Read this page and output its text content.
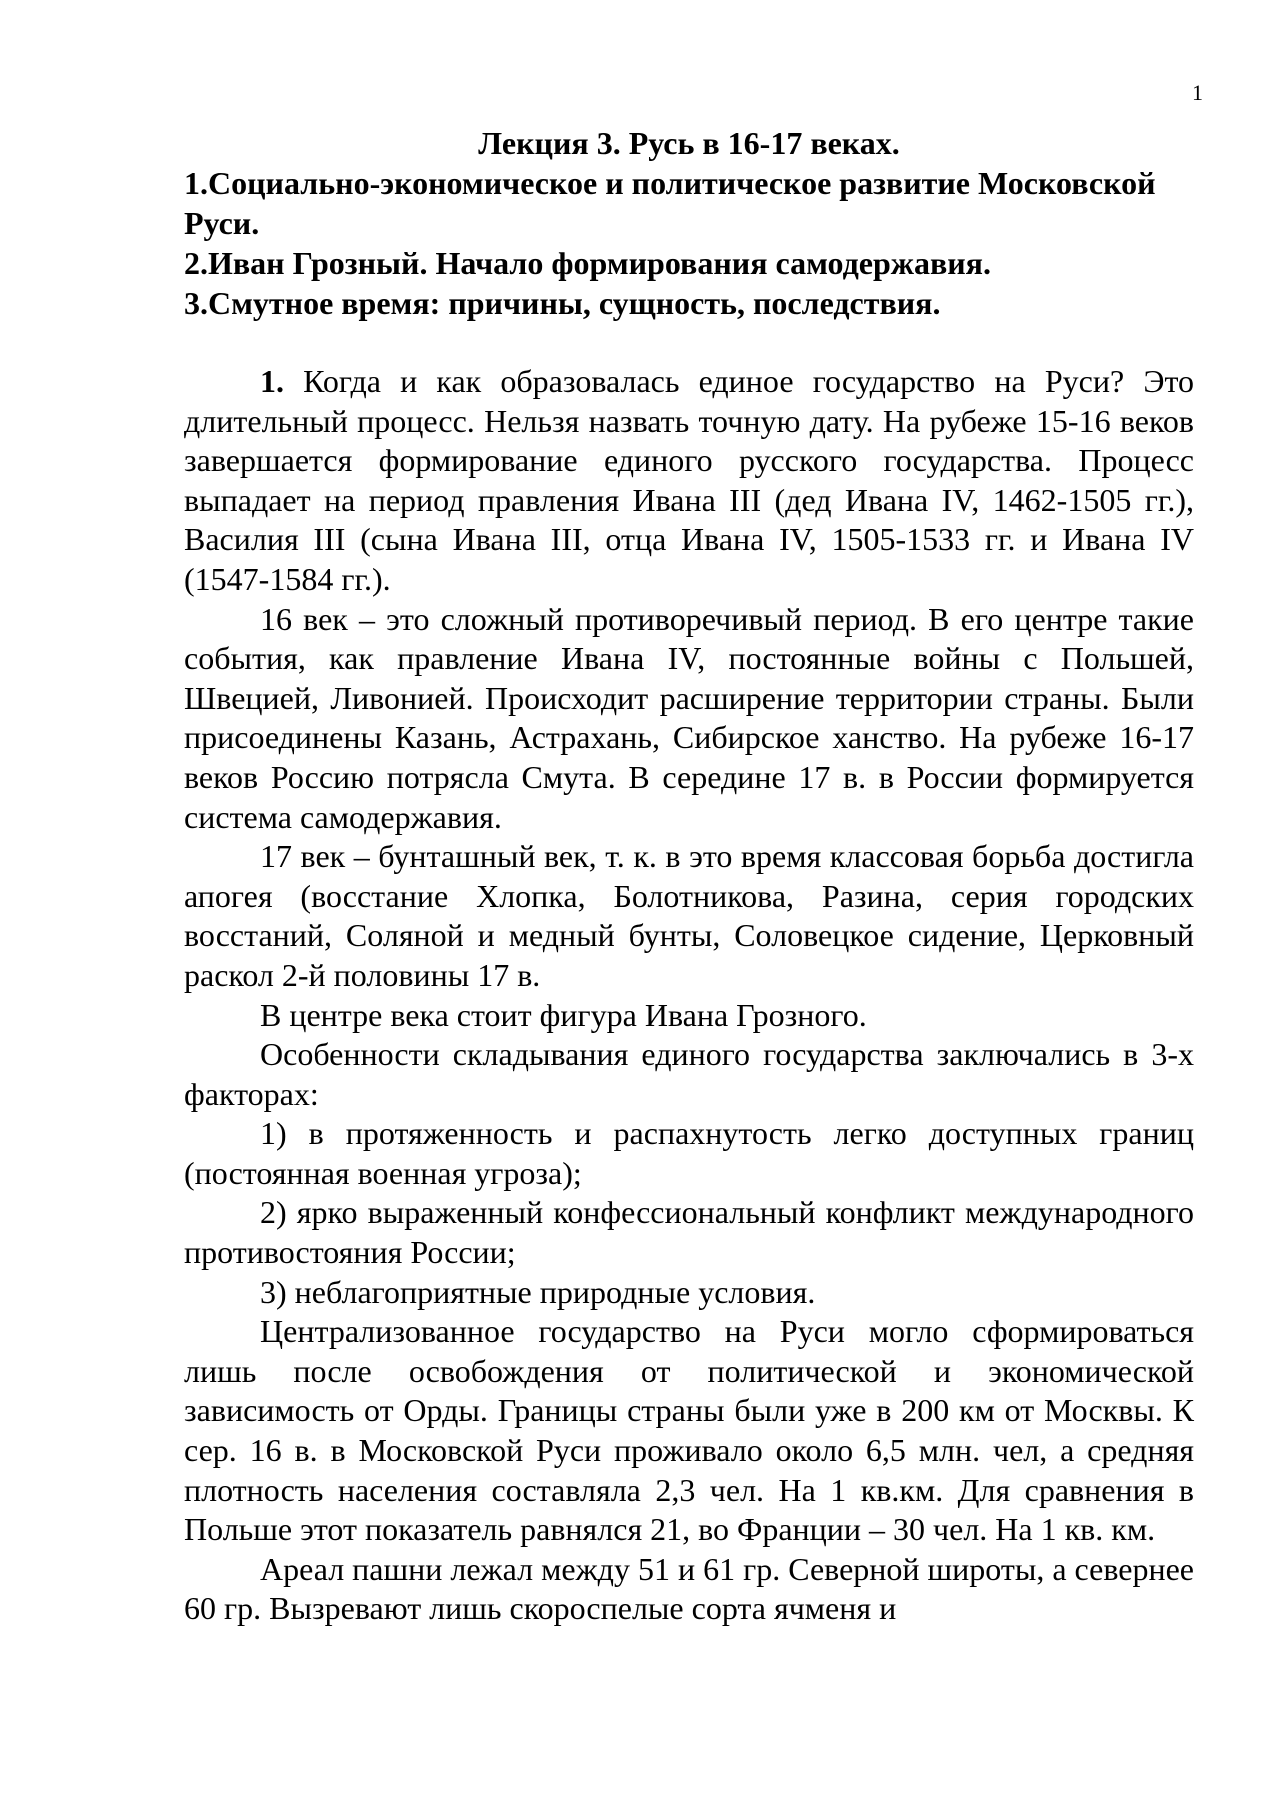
1
Лекция 3. Русь в 16-17 веках.
1.Социально-экономическое и политическое развитие Московской Руси.
2.Иван Грозный. Начало формирования самодержавия.
3.Смутное время: причины, сущность, последствия.

1. Когда и как образовалась единое государство на Руси? Это длительный процесс. Нельзя назвать точную дату. На рубеже 15-16 веков завершается формирование единого русского государства. Процесс выпадает на период правления Ивана III (дед Ивана IV, 1462-1505 гг.), Василия III (сына Ивана III, отца Ивана IV, 1505-1533 гг. и Ивана IV (1547-1584 гг.).

16 век – это сложный противоречивый период. В его центре такие события, как правление Ивана IV, постоянные войны с Польшей, Швецией, Ливонией. Происходит расширение территории страны. Были присоединены Казань, Астрахань, Сибирское ханство. На рубеже 16-17 веков Россию потрясла Смута. В середине 17 в. в России формируется система самодержавия.

17 век – бунташный век, т. к. в это время классовая борьба достигла апогея (восстание Хлопка, Болотникова, Разина, серия городских восстаний, Соляной и медный бунты, Соловецкое сидение, Церковный раскол 2-й половины 17 в.

В центре века стоит фигура Ивана Грозного.

Особенности складывания единого государства заключались в 3-х факторах:

1) в протяженность и распахнутость легко доступных границ (постоянная военная угроза);

2) ярко выраженный конфессиональный конфликт международного противостояния России;

3) неблагоприятные природные условия.

Централизованное государство на Руси могло сформироваться лишь после освобождения от политической и экономической зависимость от Орды. Границы страны были уже в 200 км от Москвы. К сер. 16 в. в Московской Руси проживало около 6,5 млн. чел, а средняя плотность населения составляла 2,3 чел. На 1 кв.км. Для сравнения в Польше этот показатель равнялся 21, во Франции – 30 чел. На 1 кв. км.

Ареал пашни лежал между 51 и 61 гр. Северной широты, а севернее 60 гр. Вызревают лишь скороспелые сорта ячменя и
